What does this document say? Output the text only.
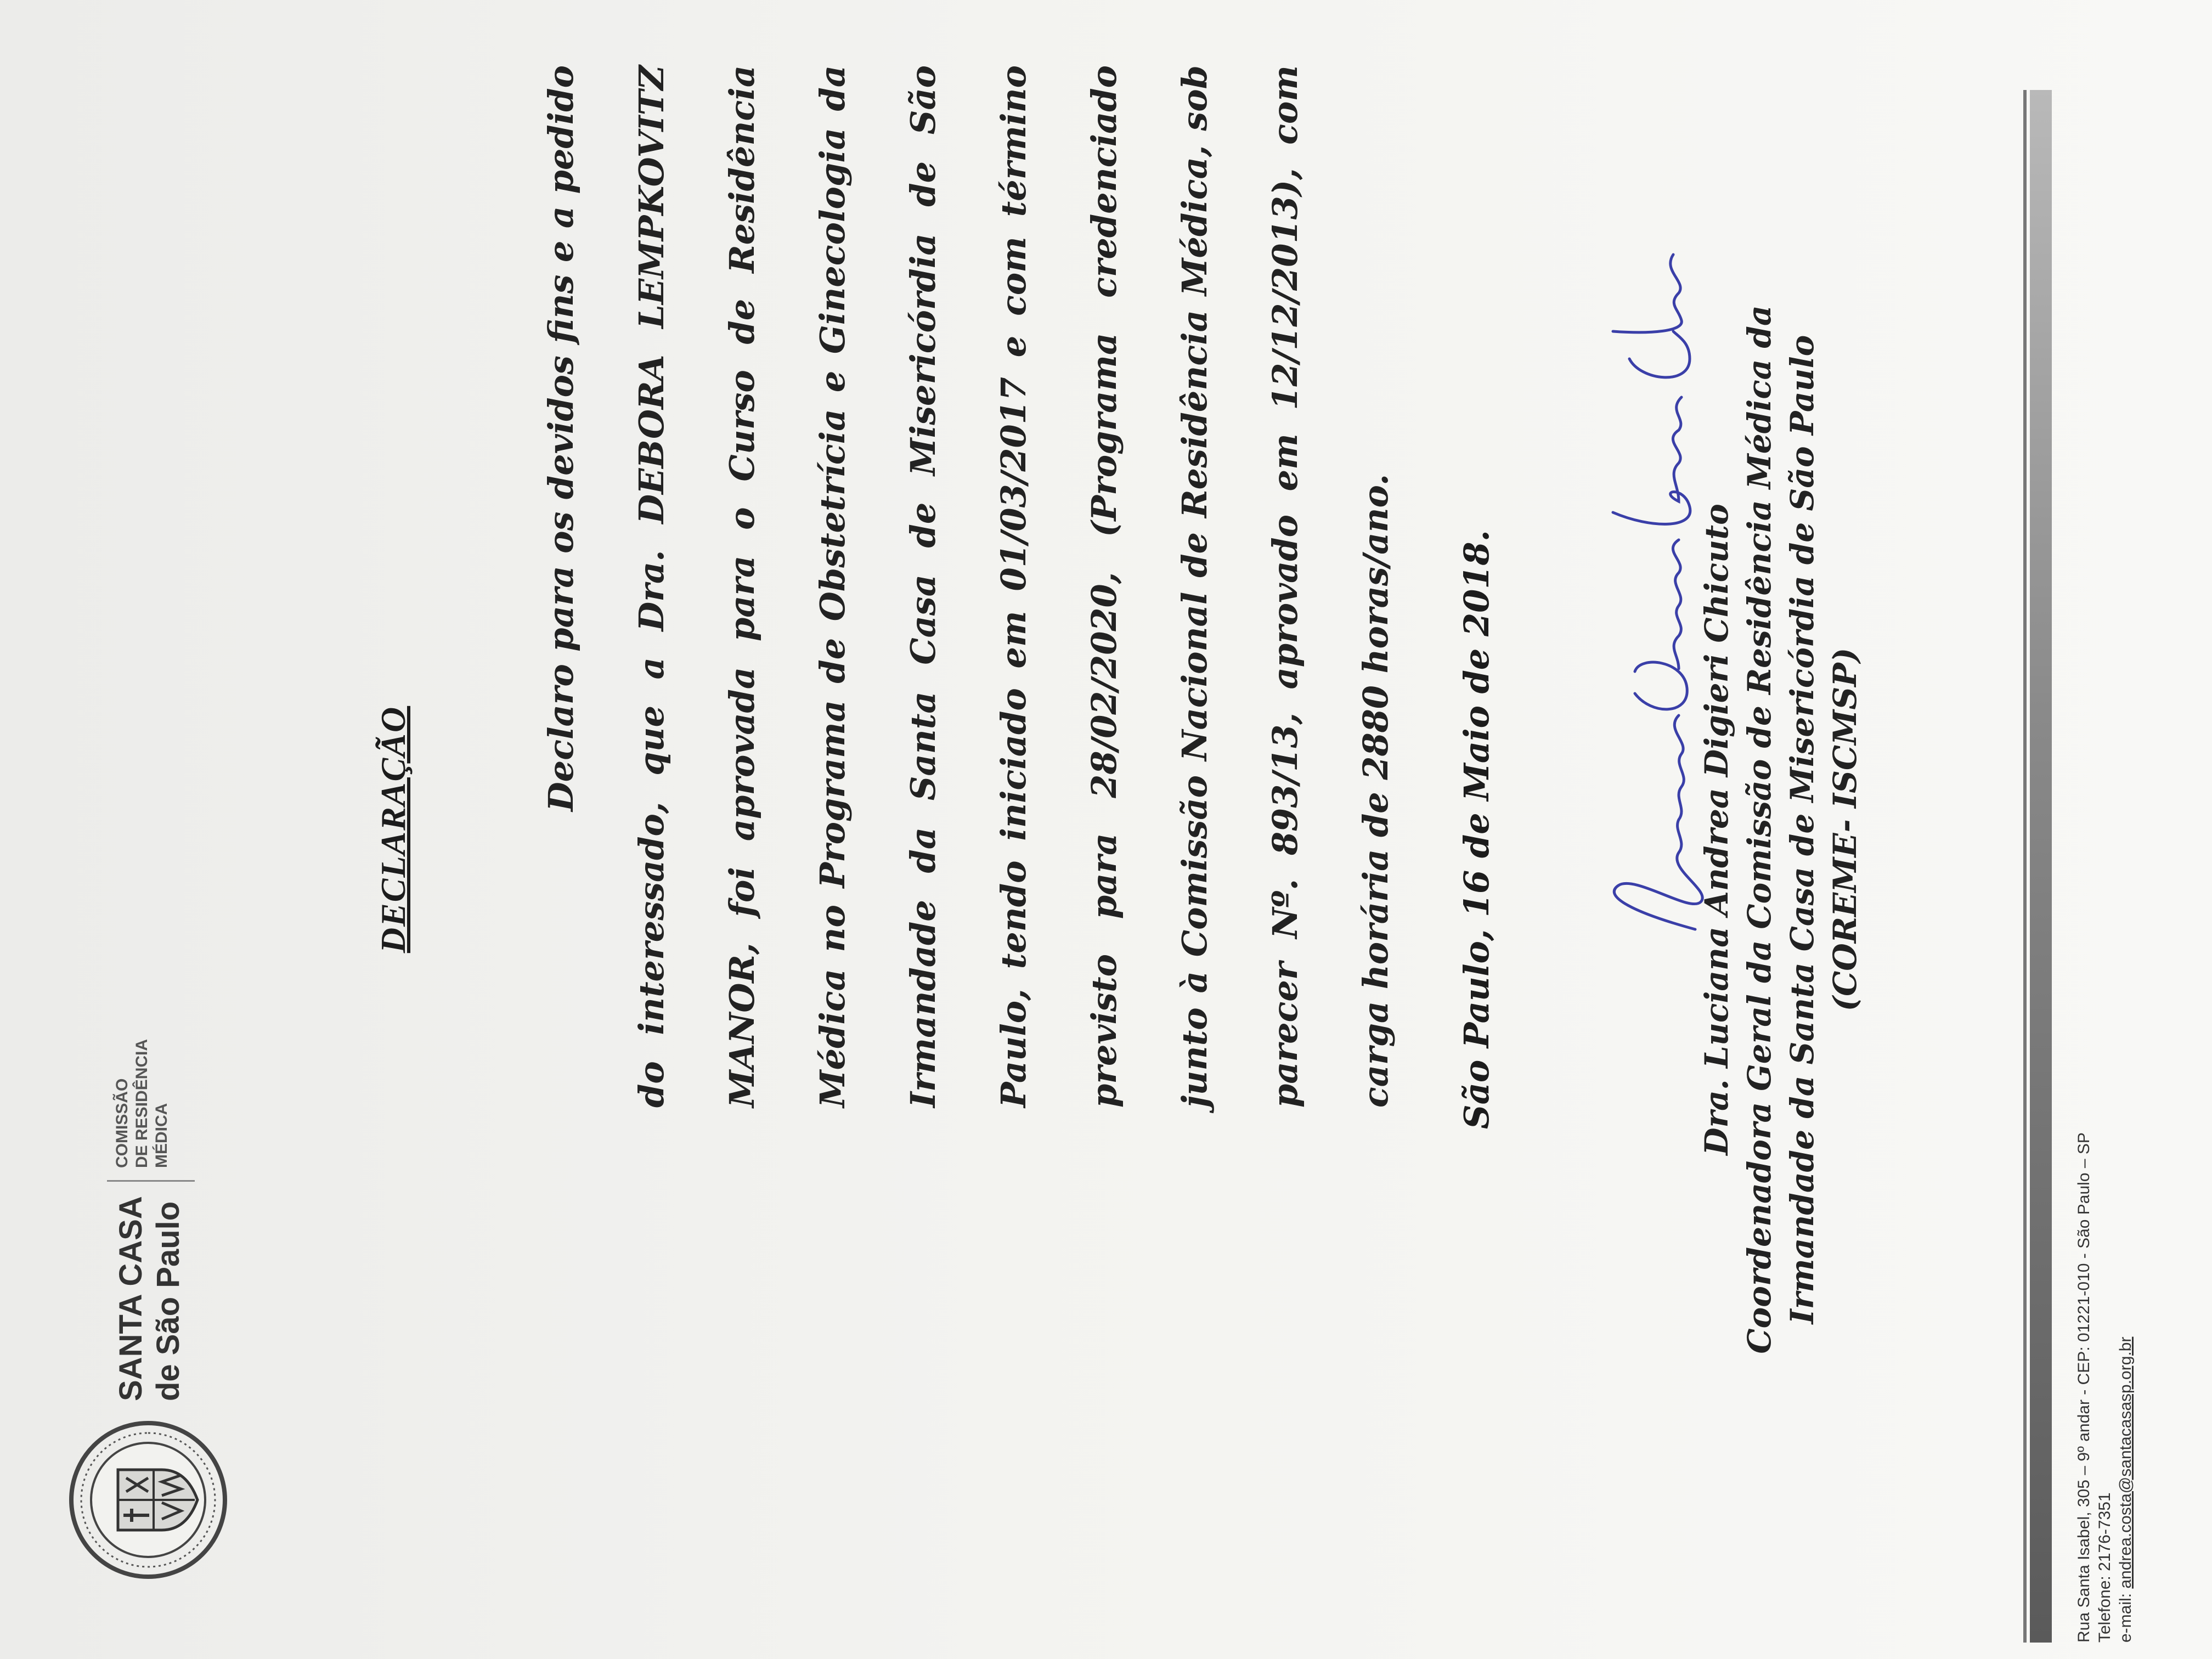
SANTA CASA
de São Paulo
COMISSÃO
DE RESIDÊNCIA
MÉDICA
DECLARAÇÃO
Declaro para os devidos fins e a pedido do interessado, que a Dra. DEBORA LEMPKOVITZ MANOR, foi aprovada para o Curso de Residência Médica no Programa de Obstetrícia e Ginecologia da Irmandade da Santa Casa de Misericórdia de São Paulo, tendo iniciado em 01/03/2017 e com término previsto para 28/02/2020, (Programa credenciado junto à Comissão Nacional de Residência Médica, sob parecer Nº. 893/13, aprovado em 12/12/2013), com carga horária de 2880 horas/ano.	São Paulo, 16 de Maio de 2018.	Dra. Luciana Andrea Digieri Chicuto Coordenadora Geral da Comissão de Residência Médica da Irmandade da Santa Casa de Misericórdia de São Paulo (COREME- ISCMSP)
Rua Santa Isabel, 305 – 9º andar - CEP: 01221-010 - São Paulo – SP Telefone: 2176-7351 e-mail: andrea.costa@santacasasp.org.br
